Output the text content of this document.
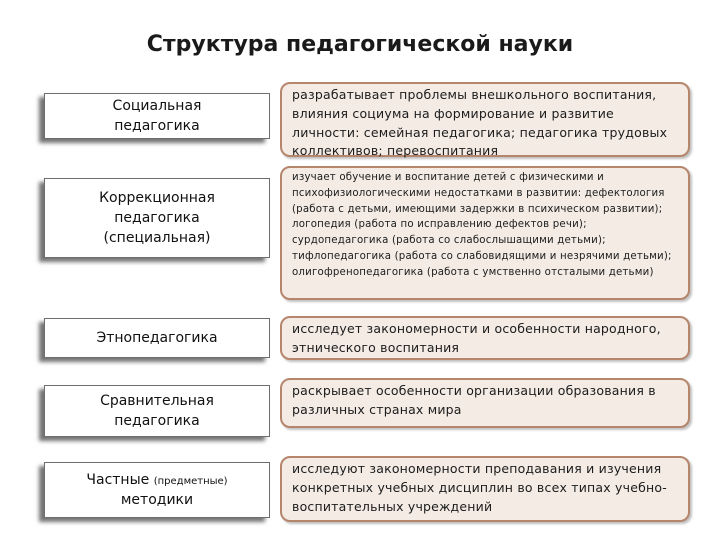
Структура педагогической науки
Социальная
педагогика
разрабатывает проблемы внешкольного воспитания, влияния социума на формирование и развитие личности: семейная педагогика; педагогика трудовых коллективов; перевоспитания
Коррекционная
педагогика
(специальная)
изучает обучение и воспитание детей с физическими и психофизиологическими недостатками в развитии: дефектология (работа с детьми, имеющими задержки в психическом развитии); логопедия (работа по исправлению дефектов речи); сурдопедагогика (работа со слабослышащими детьми); тифлопедагогика (работа со слабовидящими и незрячими детьми); олигофренопедагогика (работа с умственно отсталыми детьми)
Этнопедагогика
исследует закономерности и особенности народного, этнического воспитания
Сравнительная
педагогика
раскрывает особенности организации образования в различных странах мира
Частные (предметные)
методики
исследуют закономерности преподавания и изучения конкретных учебных дисциплин во всех типах учебно-воспитательных учреждений
